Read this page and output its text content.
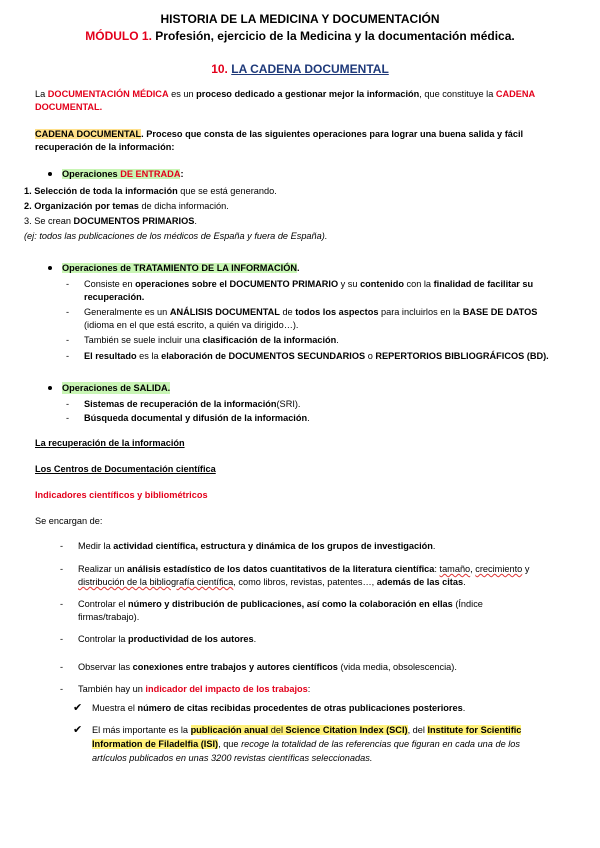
HISTORIA DE LA MEDICINA Y DOCUMENTACIÓN
MÓDULO 1. Profesión, ejercicio de la Medicina y la documentación médica.
10. LA CADENA DOCUMENTAL
La DOCUMENTACIÓN MÉDICA es un proceso dedicado a gestionar mejor la información, que constituye la CADENA
DOCUMENTAL.
CADENA DOCUMENTAL. Proceso que consta de las siguientes operaciones para lograr una buena salida y fácil
recuperación de la información:
Operaciones DE ENTRADA:
1. Selección de toda la información que se está generando.
2. Organización por temas de dicha información.
3. Se crean DOCUMENTOS PRIMARIOS.
(ej: todos las publicaciones de los médicos de España y fuera de España).
Operaciones de TRATAMIENTO DE LA INFORMACIÓN.
- Consiste en operaciones sobre el DOCUMENTO PRIMARIO y su contenido con la finalidad de facilitar su
recuperación.
- Generalmente es un ANÁLISIS DOCUMENTAL de todos los aspectos para incluirlos en la BASE DE DATOS
(idioma en el que está escrito, a quién va dirigido…).
- También se suele incluir una clasificación de la información.
- El resultado es la elaboración de DOCUMENTOS SECUNDARIOS o REPERTORIOS BIBLIOGRÁFICOS (BD).
Operaciones de SALIDA.
- Sistemas de recuperación de la información(SRI).
- Búsqueda documental y difusión de la información.
La recuperación de la información
Los Centros de Documentación científica
Indicadores científicos y bibliométricos
Se encargan de:
- Medir la actividad científica, estructura y dinámica de los grupos de investigación.
- Realizar un análisis estadístico de los datos cuantitativos de la literatura científica: tamaño, crecimiento y
distribución de la bibliografía científica, como libros, revistas, patentes…, además de las citas.
- Controlar el número y distribución de publicaciones, así como la colaboración en ellas (Índice
firmas/trabajo).
- Controlar la productividad de los autores.
- Observar las conexiones entre trabajos y autores científicos (vida media, obsolescencia).
- También hay un indicador del impacto de los trabajos:
✔ Muestra el número de citas recibidas procedentes de otras publicaciones posteriores.
✔ El más importante es la publicación anual del Science Citation Index (SCI), del Institute for Scientific
Information de Filadelfia (ISI), que recoge la totalidad de las referencias que figuran en cada una de los
artículos publicados en unas 3200 revistas científicas seleccionadas.
